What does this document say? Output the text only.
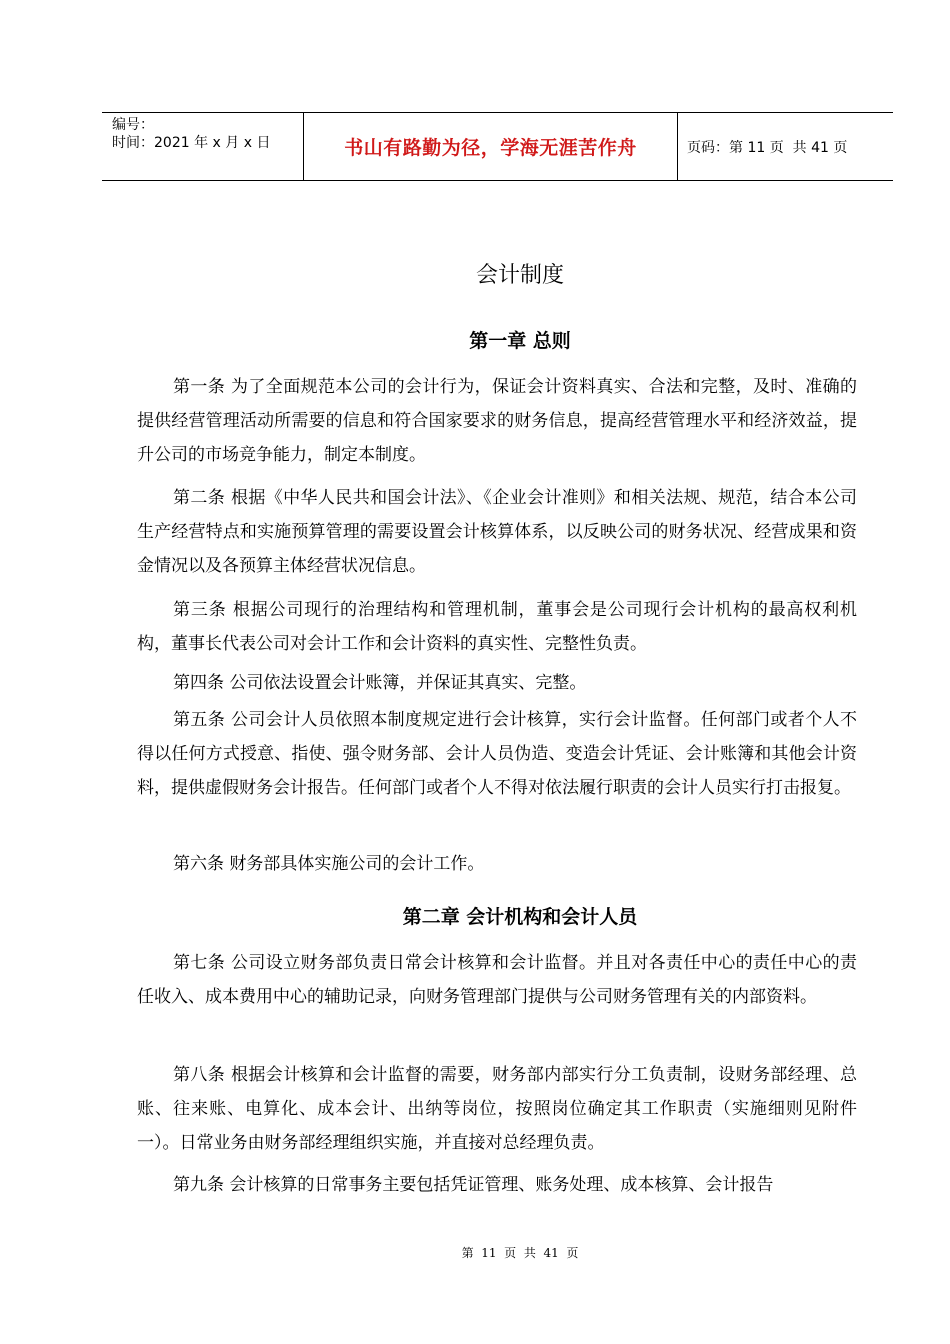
编号：
时间：2021 年 x 月 x 日	书山有路勤为径，学海无涯苦作舟	页码：第 11 页  共 41 页
会计制度
第一章 总则
第一条 为了全面规范本公司的会计行为，保证会计资料真实、合法和完整，及时、准确的提供经营管理活动所需要的信息和符合国家要求的财务信息，提高经营管理水平和经济效益，提升公司的市场竞争能力，制定本制度。
第二条 根据《中华人民共和国会计法》、《企业会计准则》和相关法规、规范，结合本公司生产经营特点和实施预算管理的需要设置会计核算体系，以反映公司的财务状况、经营成果和资金情况以及各预算主体经营状况信息。
第三条 根据公司现行的治理结构和管理机制，董事会是公司现行会计机构的最高权利机构，董事长代表公司对会计工作和会计资料的真实性、完整性负责。
第四条 公司依法设置会计账簿，并保证其真实、完整。
第五条 公司会计人员依照本制度规定进行会计核算，实行会计监督。任何部门或者个人不得以任何方式授意、指使、强令财务部、会计人员伪造、变造会计凭证、会计账簿和其他会计资料，提供虚假财务会计报告。任何部门或者个人不得对依法履行职责的会计人员实行打击报复。
第六条 财务部具体实施公司的会计工作。
第二章 会计机构和会计人员
第七条 公司设立财务部负责日常会计核算和会计监督。并且对各责任中心的责任中心的责任收入、成本费用中心的辅助记录，向财务管理部门提供与公司财务管理有关的内部资料。
第八条 根据会计核算和会计监督的需要，财务部内部实行分工负责制，设财务部经理、总账、往来账、电算化、成本会计、出纳等岗位，按照岗位确定其工作职责（实施细则见附件一）。日常业务由财务部经理组织实施，并直接对总经理负责。
第九条 会计核算的日常事务主要包括凭证管理、账务处理、成本核算、会计报告
第  11  页  共  41  页
